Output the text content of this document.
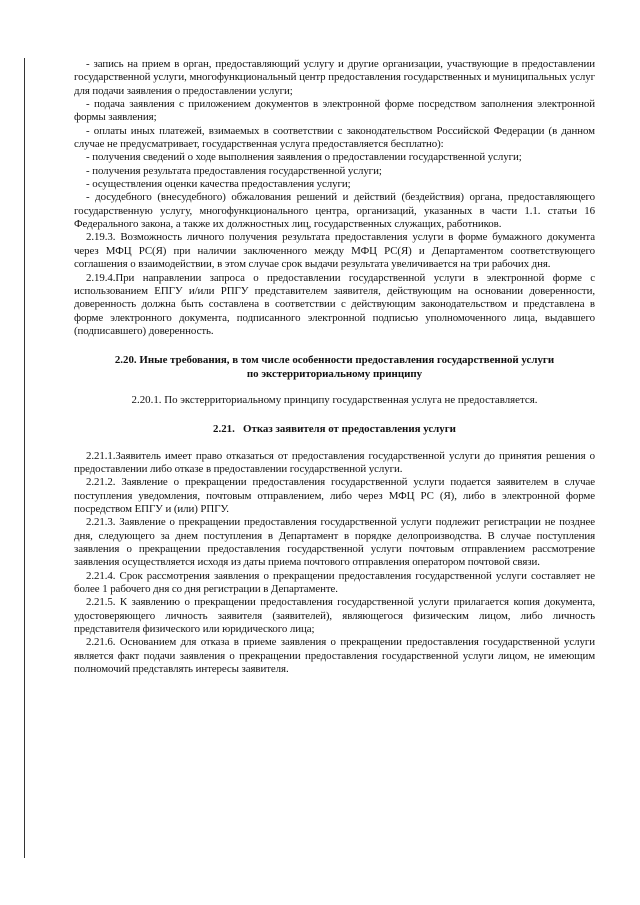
- запись на прием в орган, предоставляющий услугу и другие организации, участвующие в предоставлении государственной услуги, многофункциональный центр предоставления государственных и муниципальных услуг для подачи заявления о предоставлении услуги;

- подача заявления с приложением документов в электронной форме посредством заполнения электронной формы заявления;

- оплаты иных платежей, взимаемых в соответствии с законодательством Российской Федерации (в данном случае не предусматривает, государственная услуга предоставляется бесплатно):

- получения сведений о ходе выполнения заявления о предоставлении государственной услуги;

- получения результата предоставления государственной услуги;

- осуществления оценки качества предоставления услуги;

- досудебного (внесудебного) обжалования решений и действий (бездействия) органа, предоставляющего государственную услугу, многофункционального центра, организаций, указанных в части 1.1. статьи 16 Федерального закона, а также их должностных лиц, государственных служащих, работников.

2.19.3. Возможность личного получения результата предоставления услуги в форме бумажного документа через МФЦ РС(Я) при наличии заключенного между МФЦ РС(Я) и Департаментом соответствующего соглашения о взаимодействии, в этом случае срок выдачи результата увеличивается на три рабочих дня.

2.19.4.При направлении запроса о предоставлении государственной услуги в электронной форме с использованием ЕПГУ и/или РПГУ представителем заявителя, действующим на основании доверенности, доверенность должна быть составлена в соответствии с действующим законодательством и представлена в форме электронного документа, подписанного электронной подписью уполномоченного лица, выдавшего (подписавшего) доверенность.

2.20. Иные требования, в том числе особенности предоставления государственной услуги

по экстерриториальному принципу

2.20.1. По экстерриториальному принципу государственная услуга не предоставляется.

2.21.   Отказ заявителя от предоставления услуги

2.21.1.Заявитель имеет право отказаться от предоставления государственной услуги до принятия решения о предоставлении либо отказе в предоставлении государственной услуги.

2.21.2. Заявление о прекращении предоставления государственной услуги подается заявителем в случае поступления уведомления, почтовым отправлением, либо через МФЦ РС (Я), либо в электронной форме посредством ЕПГУ и (или) РПГУ.

2.21.3. Заявление о прекращении предоставления государственной услуги подлежит регистрации не позднее дня, следующего за днем поступления в Департамент в порядке делопроизводства. В случае поступления заявления о прекращении предоставления государственной услуги почтовым отправлением рассмотрение заявления осуществляется исходя из даты приема почтового отправления оператором почтовой связи.

2.21.4. Срок рассмотрения заявления о прекращении предоставления государственной услуги составляет не более 1 рабочего дня со дня регистрации в Департаменте.

2.21.5. К заявлению о прекращении предоставления государственной услуги прилагается копия документа, удостоверяющего личность заявителя (заявителей), являющегося физическим лицом, либо личность представителя физического или юридического лица;

2.21.6. Основанием для отказа в приеме заявления о прекращении предоставления государственной услуги является факт подачи заявления о прекращении предоставления государственной услуги лицом, не имеющим полномочий представлять интересы заявителя.
